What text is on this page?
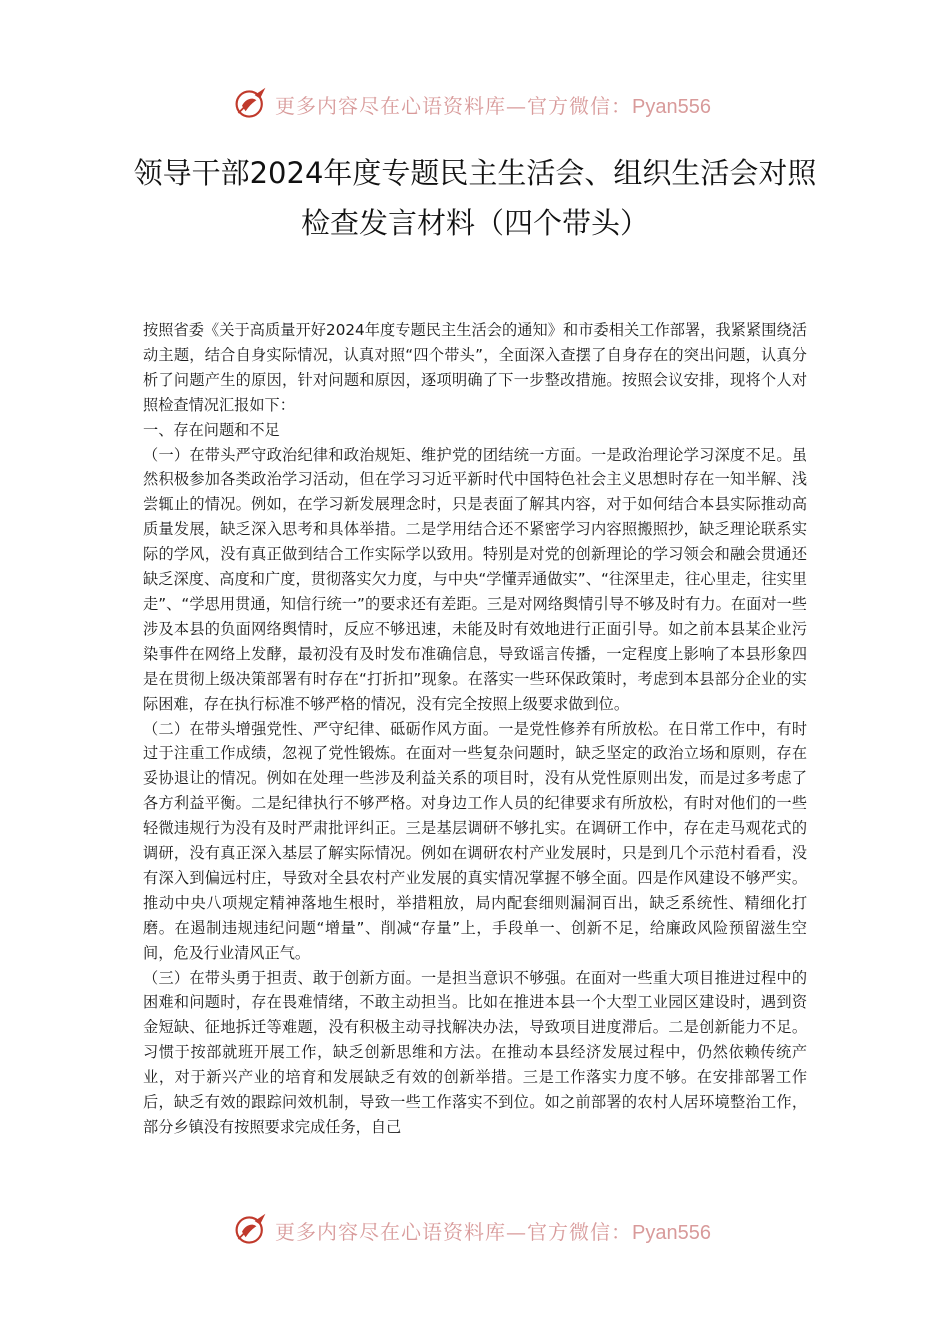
更多内容尽在心语资料库—官方微信：Pyan556
领导干部2024年度专题民主生活会、组织生活会对照检查发言材料（四个带头）

按照省委《关于高质量开好2024年度专题民主生活会的通知》和市委相关工作部署，我紧紧围绕活动主题，结合自身实际情况，认真对照“四个带头”，全面深入查摆了自身存在的突出问题，认真分析了问题产生的原因，针对问题和原因，逐项明确了下一步整改措施。按照会议安排，现将个人对照检查情况汇报如下：

一、存在问题和不足

（一）在带头严守政治纪律和政治规矩、维护党的团结统一方面。一是政治理论学习深度不足。虽然积极参加各类政治学习活动，但在学习习近平新时代中国特色社会主义思想时存在一知半解、浅尝辄止的情况。例如，在学习新发展理念时，只是表面了解其内容，对于如何结合本县实际推动高质量发展，缺乏深入思考和具体举措。二是学用结合还不紧密学习内容照搬照抄，缺乏理论联系实际的学风，没有真正做到结合工作实际学以致用。特别是对党的创新理论的学习领会和融会贯通还缺乏深度、高度和广度，贯彻落实欠力度，与中央“学懂弄通做实”、“往深里走，往心里走，往实里走”、“学思用贯通，知信行统一”的要求还有差距。三是对网络舆情引导不够及时有力。在面对一些涉及本县的负面网络舆情时，反应不够迅速，未能及时有效地进行正面引导。如之前本县某企业污染事件在网络上发酵，最初没有及时发布准确信息，导致谣言传播，一定程度上影响了本县形象四是在贯彻上级决策部署有时存在“打折扣”现象。在落实一些环保政策时，考虑到本县部分企业的实际困难，存在执行标准不够严格的情况，没有完全按照上级要求做到位。

（二）在带头增强党性、严守纪律、砥砺作风方面。一是党性修养有所放松。在日常工作中，有时过于注重工作成绩，忽视了党性锻炼。在面对一些复杂问题时，缺乏坚定的政治立场和原则，存在妥协退让的情况。例如在处理一些涉及利益关系的项目时，没有从党性原则出发，而是过多考虑了各方利益平衡。二是纪律执行不够严格。对身边工作人员的纪律要求有所放松，有时对他们的一些轻微违规行为没有及时严肃批评纠正。三是基层调研不够扎实。在调研工作中，存在走马观花式的调研，没有真正深入基层了解实际情况。例如在调研农村产业发展时，只是到几个示范村看看，没有深入到偏远村庄，导致对全县农村产业发展的真实情况掌握不够全面。四是作风建设不够严实。推动中央八项规定精神落地生根时，举措粗放，局内配套细则漏洞百出，缺乏系统性、精细化打磨。在遏制违规违纪问题“增量”、削减“存量”上，手段单一、创新不足，给廉政风险预留滋生空间，危及行业清风正气。

（三）在带头勇于担责、敢于创新方面。一是担当意识不够强。在面对一些重大项目推进过程中的困难和问题时，存在畏难情绪，不敢主动担当。比如在推进本县一个大型工业园区建设时，遇到资金短缺、征地拆迁等难题，没有积极主动寻找解决办法，导致项目进度滞后。二是创新能力不足。习惯于按部就班开展工作，缺乏创新思维和方法。在推动本县经济发展过程中，仍然依赖传统产业，对于新兴产业的培育和发展缺乏有效的创新举措。三是工作落实力度不够。在安排部署工作后，缺乏有效的跟踪问效机制，导致一些工作落实不到位。如之前部署的农村人居环境整治工作，部分乡镇没有按照要求完成任务，自己

更多内容尽在心语资料库—官方微信：Pyan556
